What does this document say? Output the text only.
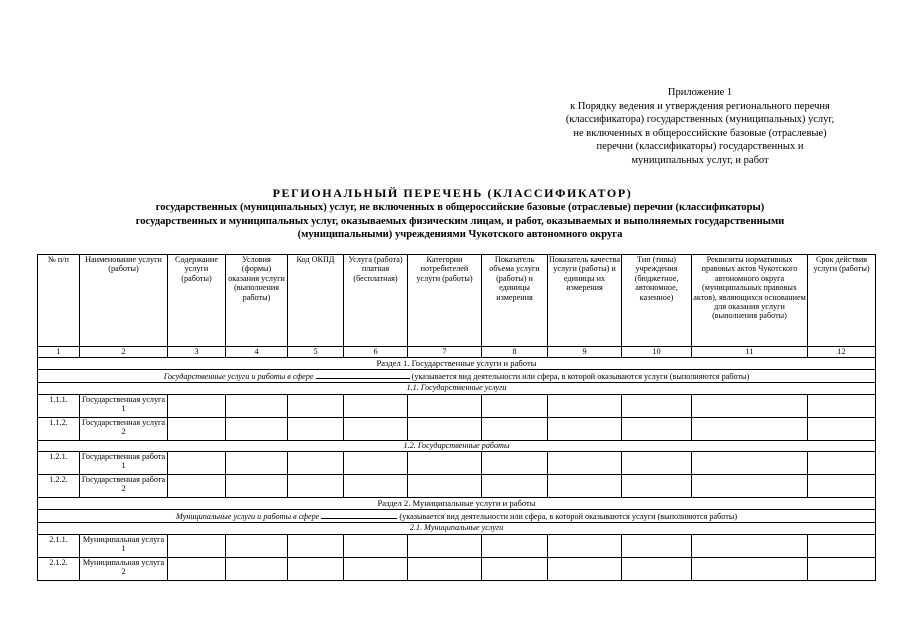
Приложение 1
к Порядку ведения и утверждения регионального перечня
(классификатора) государственных (муниципальных) услуг,
не включенных в общероссийские базовые (отраслевые)
перечни (классификаторы) государственных и
муниципальных услуг, и работ
РЕГИОНАЛЬНЫЙ ПЕРЕЧЕНЬ (КЛАССИФИКАТОР)
государственных (муниципальных) услуг, не включенных в общероссийские базовые (отраслевые) перечни (классификаторы)
государственных и муниципальных услуг, оказываемых физическим лицам, и работ, оказываемых и выполняемых государственными
(муниципальными) учреждениями Чукотского автономного округа
№ п/п	Наименование услуги (работы)	Содержание услуги (работы)	Условия (формы) оказания услуги (выполнения работы)	Код ОКПД	Услуга (работа) платная (бесплатная)	Категории потребителей услуги (работы)	Показатель объема услуги (работы) и единицы измерения	Показатель качества услуги (работы) и единицы их измерения	Тип (типы) учреждения (бюджетное, автономное, казенное)	Реквизиты нормативных правовых актов Чукотского автономного округа (муниципальных правовых актов), являющихся основанием для оказания услуги (выполнения работы)	Срок действия услуги (работы)
1	2	3	4	5	6	7	8	9	10	11	12
Раздел 1. Государственные услуги и работы											
Государственные услуги и работы в сфере (указывается вид деятельности или сфера, в которой оказываются услуги (выполняются работы)											
1.1. Государственные услуги											
1.1.1.	Государственная услуга 1										
1.1.2.	Государственная услуга 2										
1.2. Государственные работы											
1.2.1.	Государственная работа 1										
1.2.2.	Государственная работа 2										
Раздел 2. Муниципальные услуги и работы											
Муниципальные услуги и работы в сфере (указывается вид деятельности или сфера, в которой оказываются услуги (выполняются работы)											
2.1. Муниципальные услуги											
2.1.1.	Муниципальная услуга 1										
2.1.2.	Муниципальная услуга 2										
